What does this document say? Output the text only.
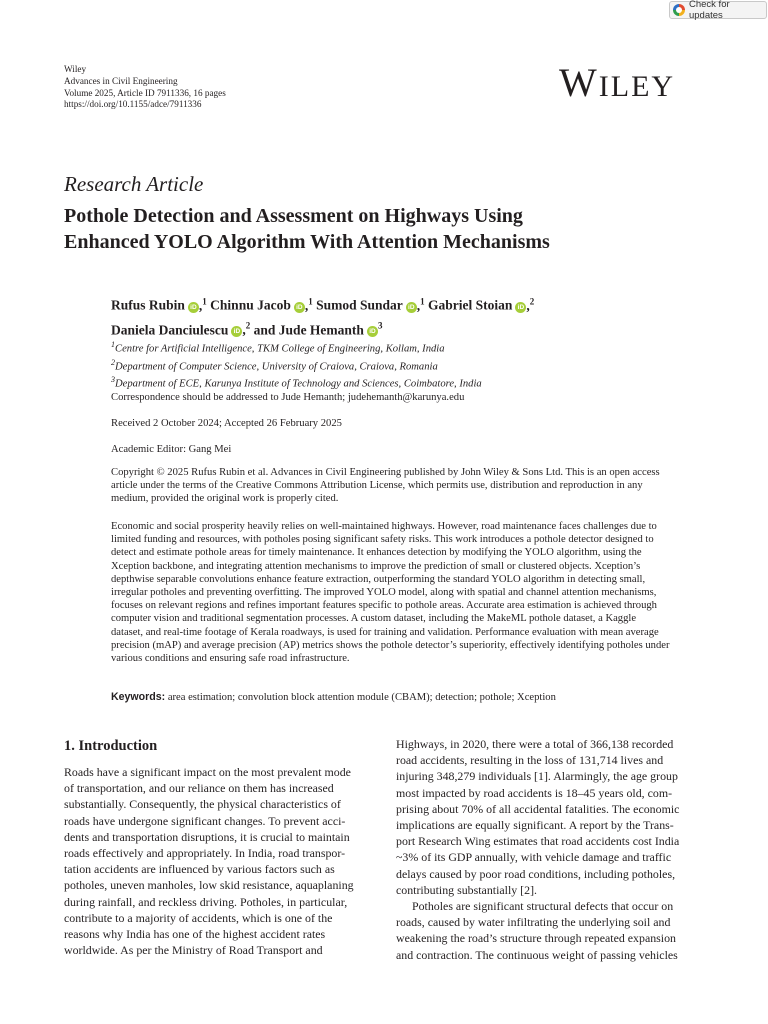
Check for updates
Wiley
Advances in Civil Engineering
Volume 2025, Article ID 7911336, 16 pages
https://doi.org/10.1155/adce/7911336	WILEY
Research Article
Pothole Detection and Assessment on Highways Using
Enhanced YOLO Algorithm With Attention Mechanisms
Rufus Rubin iD ,$^1$ Chinnu Jacob iD ,$^1$ Sumod Sundar iD ,$^1$ Gabriel Stoian iD ,$^2$
Daniela Danciulescu iD ,$^2$ and Jude Hemanth $iD^3$
$^1$Centre for Artificial Intelligence, TKM College of Engineering, Kollam, India
$^2$Department of Computer Science, University of Craiova, Craiova, Romania
$^3$Department of ECE, Karunya Institute of Technology and Sciences, Coimbatore, India
Correspondence should be addressed to Jude Hemanth; judehemanth@karunya.edu
Received 2 October 2024; Accepted 26 February 2025
Academic Editor: Gang Mei
Copyright © 2025 Rufus Rubin et al. Advances in Civil Engineering published by John Wiley & Sons Ltd. This is an open access
article under the terms of the Creative Commons Attribution License, which permits use, distribution and reproduction in any
medium, provided the original work is properly cited.
Economic and social prosperity heavily relies on well-maintained highways. However, road maintenance faces challenges due to
limited funding and resources, with potholes posing significant safety risks. This work introduces a pothole detector designed to
detect and estimate pothole areas for timely maintenance. It enhances detection by modifying the YOLO algorithm, using the
Xception backbone, and integrating attention mechanisms to improve the prediction of small or clustered objects. Xception’s
depthwise separable convolutions enhance feature extraction, outperforming the standard YOLO algorithm in detecting small,
irregular potholes and preventing overfitting. The improved YOLO model, along with spatial and channel attention mechanisms,
focuses on relevant regions and refines important features specific to pothole areas. Accurate area estimation is achieved through
computer vision and traditional segmentation processes. A custom dataset, including the MakeML pothole dataset, a Kaggle
dataset, and real-time footage of Kerala roadways, is used for training and validation. Performance evaluation with mean average
precision (mAP) and average precision (AP) metrics shows the pothole detector’s superiority, effectively identifying potholes under
various conditions and ensuring safe road infrastructure.
Keywords: area estimation; convolution block attention module (CBAM); detection; pothole; Xception
1. Introduction
Roads have a significant impact on the most prevalent mode
of transportation, and our reliance on them has increased
substantially. Consequently, the physical characteristics of
roads have undergone significant changes. To prevent acci-
dents and transportation disruptions, it is crucial to maintain
roads effectively and appropriately. In India, road transpor-
tation accidents are influenced by various factors such as
potholes, uneven manholes, low skid resistance, aquaplaning
during rainfall, and reckless driving. Potholes, in particular,
contribute to a majority of accidents, which is one of the
reasons why India has one of the highest accident rates
worldwide. As per the Ministry of Road Transport and
Highways, in 2020, there were a total of 366,138 recorded
road accidents, resulting in the loss of 131,714 lives and
injuring 348,279 individuals [1]. Alarmingly, the age group
most impacted by road accidents is 18–45 years old, com-
prising about 70% of all accidental fatalities. The economic
implications are equally significant. A report by the Trans-
port Research Wing estimates that road accidents cost India
~3% of its GDP annually, with vehicle damage and traffic
delays caused by poor road conditions, including potholes,
contributing substantially [2].
Potholes are significant structural defects that occur on
roads, caused by water infiltrating the underlying soil and
weakening the road’s structure through repeated expansion
and contraction. The continuous weight of passing vehicles
